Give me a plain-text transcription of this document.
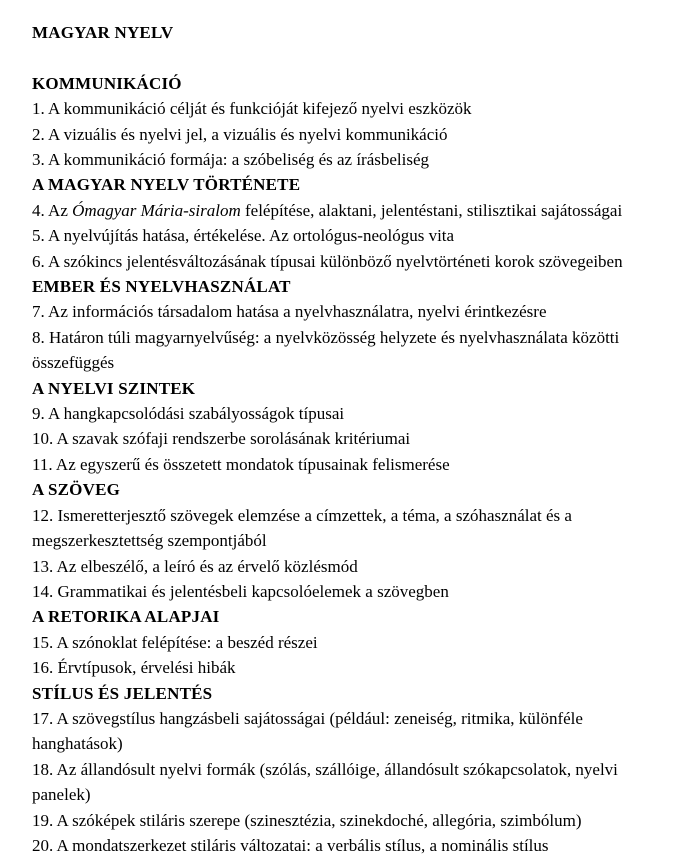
MAGYAR NYELV
KOMMUNIKÁCIÓ

1. A kommunikáció célját és funkcióját kifejező nyelvi eszközök

2. A vizuális és nyelvi jel, a vizuális és nyelvi kommunikáció

3. A kommunikáció formája: a szóbeliség és az írásbeliség

A MAGYAR NYELV TÖRTÉNETE

4. Az Ómagyar Mária-siralom felépítése, alaktani, jelentéstani, stilisztikai sajátosságai

5. A nyelvújítás hatása, értékelése. Az ortológus-neológus vita

6. A szókincs jelentésváltozásának típusai különböző nyelvtörténeti korok szövegeiben

EMBER ÉS NYELVHASZNÁLAT

7. Az információs társadalom hatása a nyelvhasználatra, nyelvi érintkezésre

8. Határon túli magyarnyelvűség: a nyelvközösség helyzete és nyelvhasználata közötti összefüggés

A NYELVI SZINTEK

9. A hangkapcsolódási szabályosságok típusai

10. A szavak szófaji rendszerbe sorolásának kritériumai

11. Az egyszerű és összetett mondatok típusainak felismerése

A SZÖVEG

12. Ismeretterjesztő szövegek elemzése a címzettek, a téma, a szóhasználat és a megszerkesztettség szempontjából

13. Az elbeszélő, a leíró és az érvelő közlésmód

14. Grammatikai és jelentésbeli kapcsolóelemek a szövegben

A RETORIKA ALAPJAI

15. A szónoklat felépítése: a beszéd részei

16. Érvtípusok, érvelési hibák

STÍLUS ÉS JELENTÉS

17. A szövegstílus hangzásbeli sajátosságai (például: zeneiség, ritmika, különféle hanghatások)

18. Az állandósult nyelvi formák (szólás, szállóige, állandósult szókapcsolatok, nyelvi panelek)

19. A szóképek stiláris szerepe (szinesztézia, szinekdoché, allegória, szimbólum)

20. A mondatszerkezet stiláris változatai: a verbális stílus, a nominális stílus
